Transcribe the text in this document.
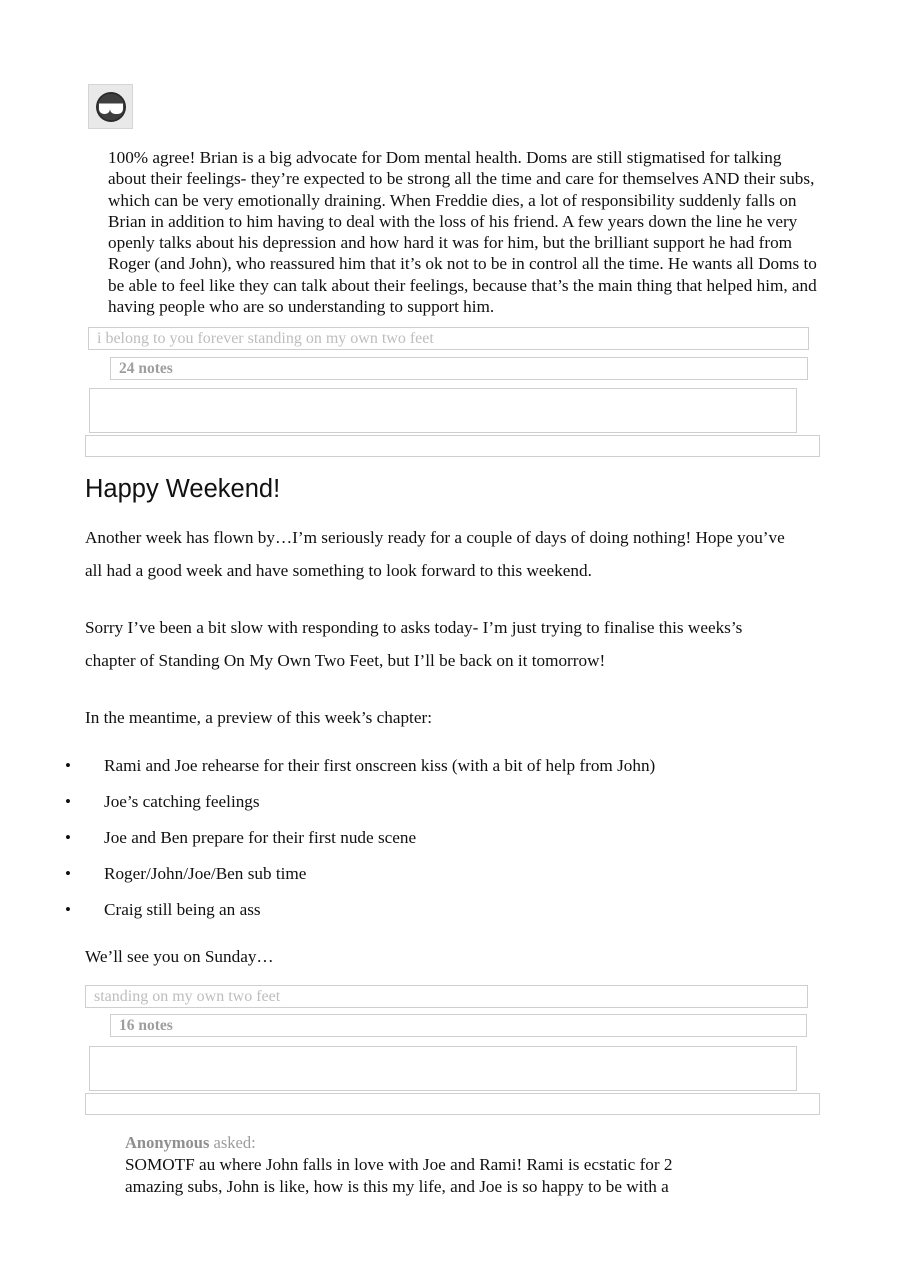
100% agree! Brian is a big advocate for Dom mental health. Doms are still stigmatised for talking about their feelings- they’re expected to be strong all the time and care for themselves AND their subs, which can be very emotionally draining. When Freddie dies, a lot of responsibility suddenly falls on Brian in addition to him having to deal with the loss of his friend. A few years down the line he very openly talks about his depression and how hard it was for him, but the brilliant support he had from Roger (and John), who reassured him that it’s ok not to be in control all the time. He wants all Doms to be able to feel like they can talk about their feelings, because that’s the main thing that helped him, and having people who are so understanding to support him.
i belong to you forever standing on my own two feet
24 notes
Happy Weekend!
Another week has flown by…I’m seriously ready for a couple of days of doing nothing! Hope you’ve all had a good week and have something to look forward to this weekend.
Sorry I’ve been a bit slow with responding to asks today- I’m just trying to finalise this weeks’s chapter of Standing On My Own Two Feet, but I’ll be back on it tomorrow!
In the meantime, a preview of this week’s chapter:
• Rami and Joe rehearse for their first onscreen kiss (with a bit of help from John)
• Joe’s catching feelings
• Joe and Ben prepare for their first nude scene
• Roger/John/Joe/Ben sub time
• Craig still being an ass
We’ll see you on Sunday…
standing on my own two feet
16 notes
Anonymous asked:
SOMOTF au where John falls in love with Joe and Rami! Rami is ecstatic for 2 amazing subs, John is like, how is this my life, and Joe is so happy to be with a
